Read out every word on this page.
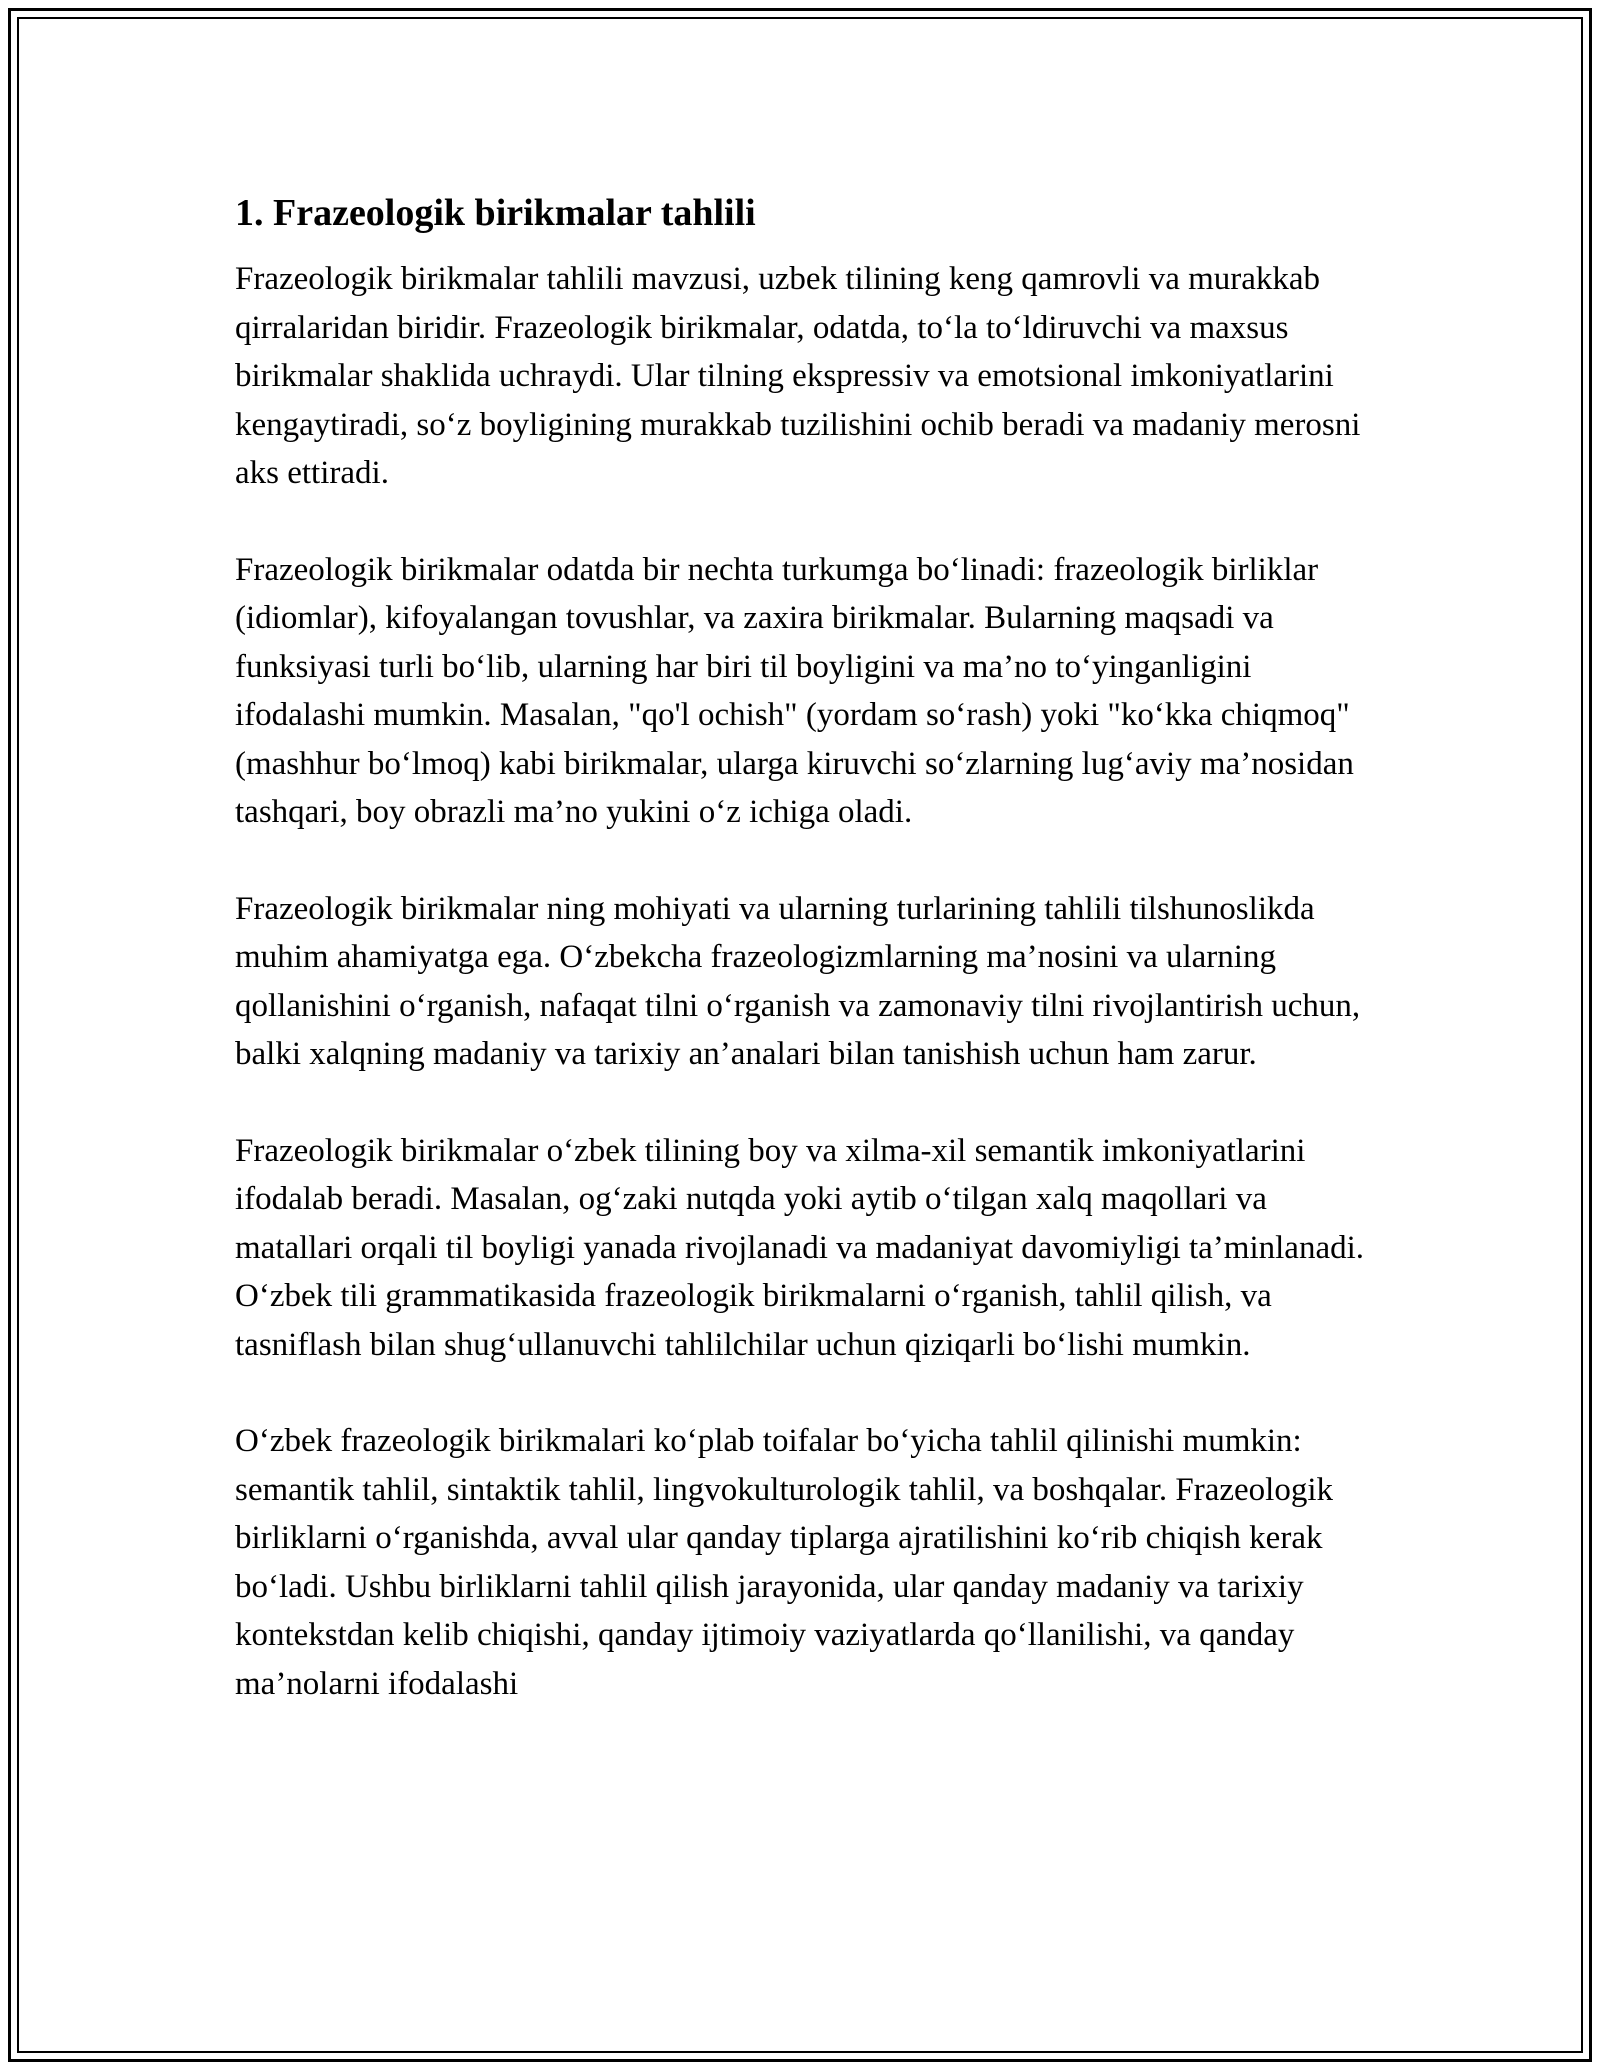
1. Frazeologik birikmalar tahlili

Frazeologik birikmalar tahlili mavzusi, uzbek tilining keng qamrovli va murakkab qirralaridan biridir. Frazeologik birikmalar, odatda, to‘la to‘ldiruvchi va maxsus birikmalar shaklida uchraydi. Ular tilning ekspressiv va emotsional imkoniyatlarini kengaytiradi, so‘z boyligining murakkab tuzilishini ochib beradi va madaniy merosni aks ettiradi.

Frazeologik birikmalar odatda bir nechta turkumga bo‘linadi: frazeologik birliklar (idiomlar), kifoyalangan tovushlar, va zaxira birikmalar. Bularning maqsadi va funksiyasi turli bo‘lib, ularning har biri til boyligini va ma’no to‘yinganligini ifodalashi mumkin. Masalan, "qo'l ochish" (yordam so‘rash) yoki "ko‘kka chiqmoq" (mashhur bo‘lmoq) kabi birikmalar, ularga kiruvchi so‘zlarning lug‘aviy ma’nosidan tashqari, boy obrazli ma’no yukini o‘z ichiga oladi.

Frazeologik birikmalar ning mohiyati va ularning turlarining tahlili tilshunoslikda muhim ahamiyatga ega. O‘zbekcha frazeologizmlarning ma’nosini va ularning qollanishini o‘rganish, nafaqat tilni o‘rganish va zamonaviy tilni rivojlantirish uchun, balki xalqning madaniy va tarixiy an’analari bilan tanishish uchun ham zarur.

Frazeologik birikmalar o‘zbek tilining boy va xilma-xil semantik imkoniyatlarini ifodalab beradi. Masalan, og‘zaki nutqda yoki aytib o‘tilgan xalq maqollari va matallari orqali til boyligi yanada rivojlanadi va madaniyat davomiyligi ta’minlanadi. O‘zbek tili grammatikasida frazeologik birikmalarni o‘rganish, tahlil qilish, va tasniflash bilan shug‘ullanuvchi tahlilchilar uchun qiziqarli bo‘lishi mumkin.

O‘zbek frazeologik birikmalari ko‘plab toifalar bo‘yicha tahlil qilinishi mumkin: semantik tahlil, sintaktik tahlil, lingvokulturologik tahlil, va boshqalar. Frazeologik birliklarni o‘rganishda, avval ular qanday tiplarga ajratilishini ko‘rib chiqish kerak bo‘ladi. Ushbu birliklarni tahlil qilish jarayonida, ular qanday madaniy va tarixiy kontekstdan kelib chiqishi, qanday ijtimoiy vaziyatlarda qo‘llanilishi, va qanday ma’nolarni ifodalashi
